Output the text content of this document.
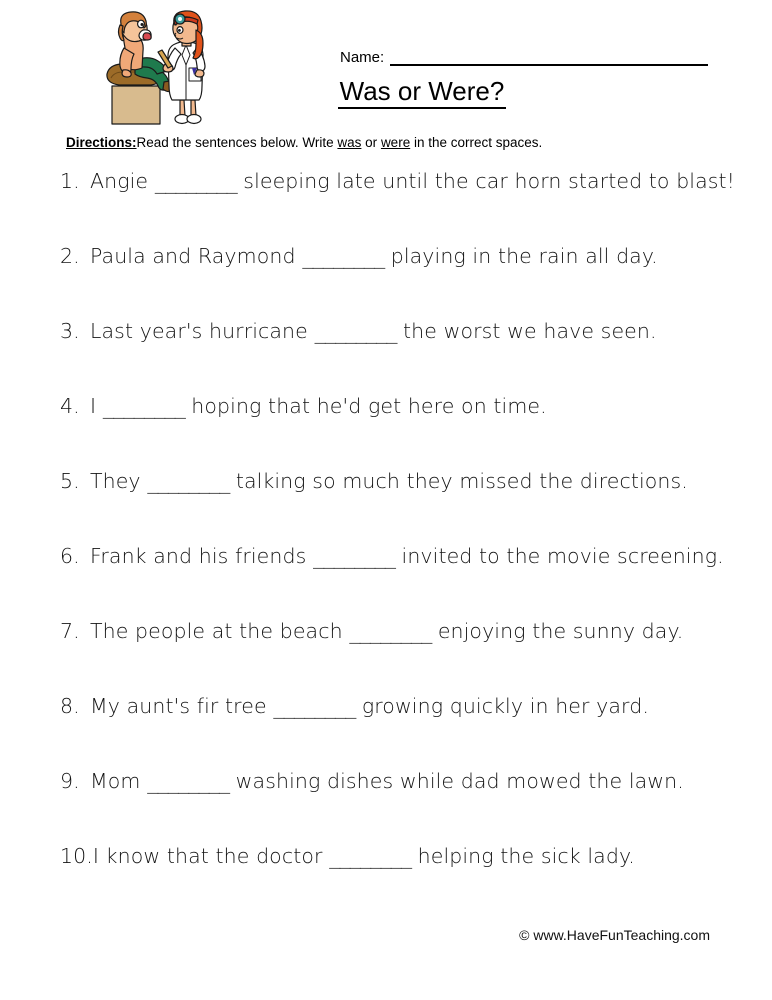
Name:
Was or Were?
Directions:Read the sentences below. Write was or were in the correct spaces.
1. Angie ________ sleeping late until the car horn started to blast!
2. Paula and Raymond ________ playing in the rain all day.
3. Last year's hurricane ________ the worst we have seen.
4. I ________ hoping that he'd get here on time.
5. They ________ talking so much they missed the directions.
6. Frank and his friends ________ invited to the movie screening.
7. The people at the beach ________ enjoying the sunny day.
8. My aunt's fir tree ________ growing quickly in her yard.
9. Mom ________ washing dishes while dad mowed the lawn.
10.I know that the doctor ________ helping the sick lady.
© www.HaveFunTeaching.com
